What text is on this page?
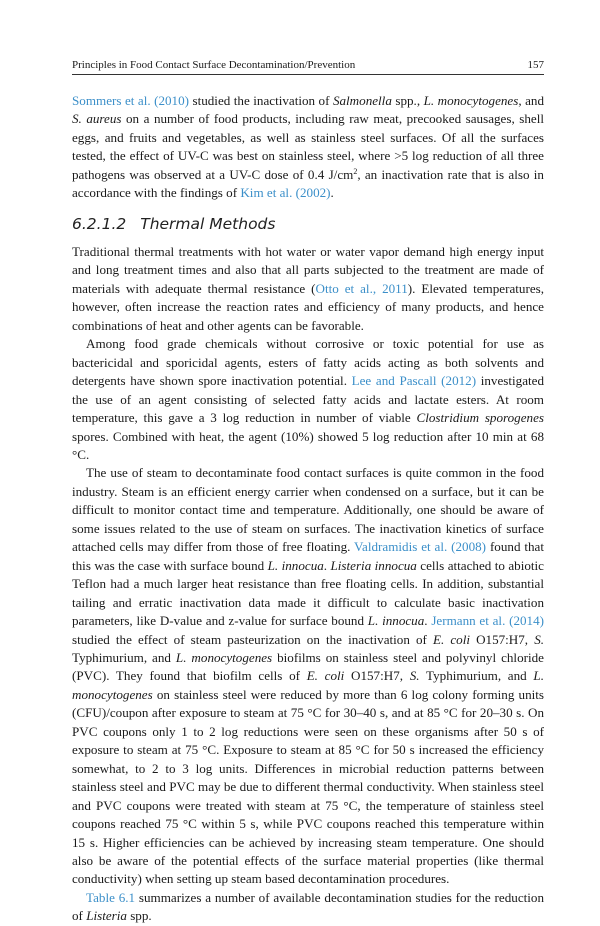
Principles in Food Contact Surface Decontamination/Prevention	157

Sommers et al. (2010) studied the inactivation of Salmonella spp., L. monocytogenes, and S. aureus on a number of food products, including raw meat, precooked sausages, shell eggs, and fruits and vegetables, as well as stainless steel surfaces. Of all the surfaces tested, the effect of UV-C was best on stainless steel, where >5 log reduction of all three pathogens was observed at a UV-C dose of 0.4 $J/cm^2$, an inactivation rate that is also in accordance with the findings of Kim et al. (2002).

6.2.1.2 Thermal Methods

Traditional thermal treatments with hot water or water vapor demand high energy input and long treatment times and also that all parts subjected to the treatment are made of materials with adequate thermal resistance (Otto et al., 2011). Elevated temperatures, however, often increase the reaction rates and efficiency of many products, and hence combinations of heat and other agents can be favorable.

Among food grade chemicals without corrosive or toxic potential for use as bactericidal and sporicidal agents, esters of fatty acids acting as both solvents and detergents have shown spore inactivation potential. Lee and Pascall (2012) investigated the use of an agent consisting of selected fatty acids and lactate esters. At room temperature, this gave a 3 log reduction in number of viable Clostridium sporogenes spores. Combined with heat, the agent (10%) showed 5 log reduction after 10 min at 68 °C.

The use of steam to decontaminate food contact surfaces is quite common in the food industry. Steam is an efficient energy carrier when condensed on a surface, but it can be difficult to monitor contact time and temperature. Additionally, one should be aware of some issues related to the use of steam on surfaces. The inactivation kinetics of surface attached cells may differ from those of free floating. Valdramidis et al. (2008) found that this was the case with surface bound L. innocua. Listeria innocua cells attached to abiotic Teflon had a much larger heat resistance than free floating cells. In addition, substantial tailing and erratic inactivation data made it difficult to calculate basic inactivation parameters, like D-value and z-value for surface bound L. innocua. Jermann et al. (2014) studied the effect of steam pasteurization on the inactivation of E. coli O157:H7, S. Typhimurium, and L. monocytogenes biofilms on stainless steel and polyvinyl chloride (PVC). They found that biofilm cells of E. coli O157:H7, S. Typhimurium, and L. monocytogenes on stainless steel were reduced by more than 6 log colony forming units (CFU)/coupon after exposure to steam at 75 °C for 30–40 s, and at 85 °C for 20–30 s. On PVC coupons only 1 to 2 log reductions were seen on these organisms after 50 s of exposure to steam at 75 °C. Exposure to steam at 85 °C for 50 s increased the efficiency somewhat, to 2 to 3 log units. Differences in microbial reduction patterns between stainless steel and PVC may be due to different thermal conductivity. When stainless steel and PVC coupons were treated with steam at 75 °C, the temperature of stainless steel coupons reached 75 °C within 5 s, while PVC coupons reached this temperature within 15 s. Higher efficiencies can be achieved by increasing steam temperature. One should also be aware of the potential effects of the surface material properties (like thermal conductivity) when setting up steam based decontamination procedures.

Table 6.1 summarizes a number of available decontamination studies for the reduction of Listeria spp.
